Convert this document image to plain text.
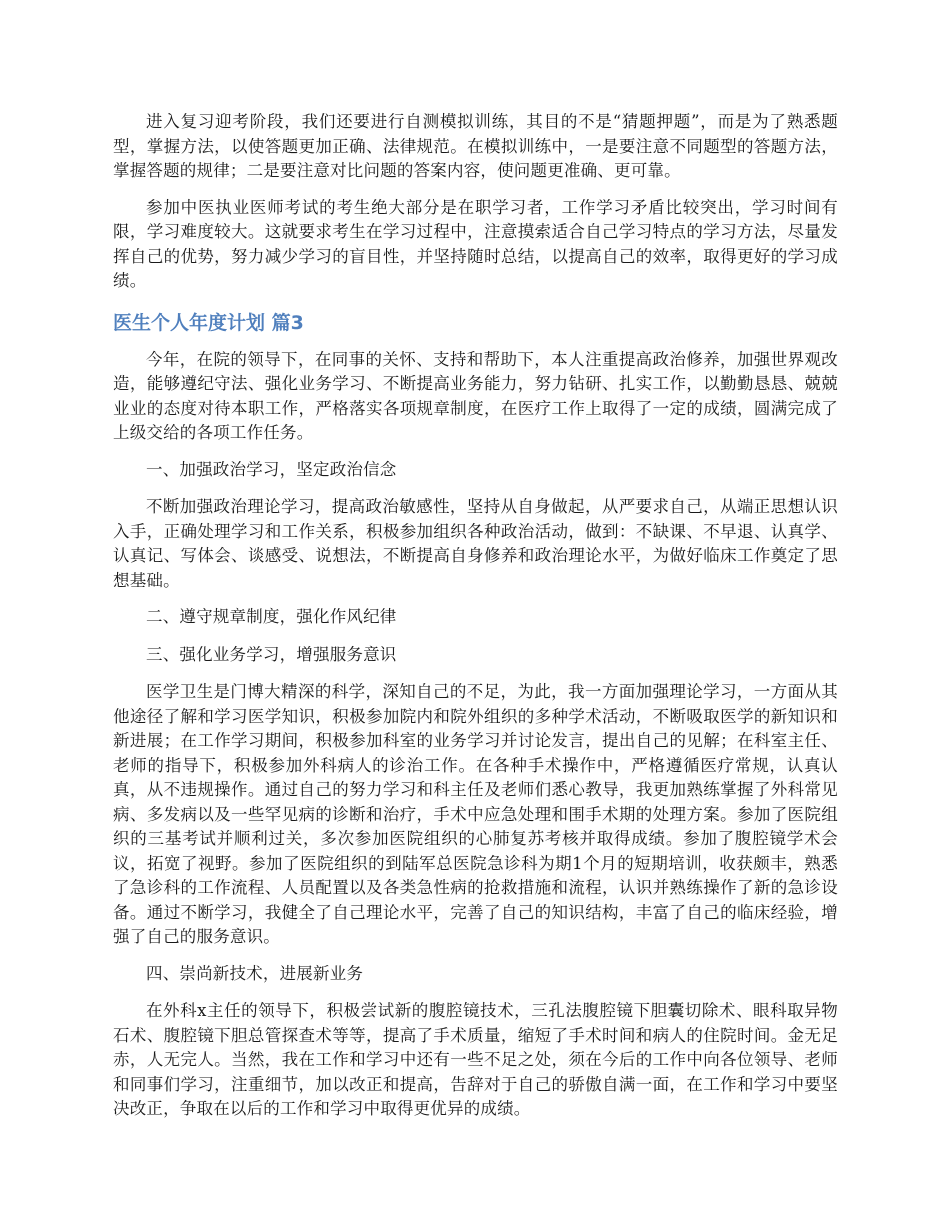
进入复习迎考阶段，我们还要进行自测模拟训练，其目的不是“猜题押题”，而是为了熟悉题型，掌握方法，以使答题更加正确、法律规范。在模拟训练中，一是要注意不同题型的答题方法，掌握答题的规律；二是要注意对比问题的答案内容，使问题更准确、更可靠。

参加中医执业医师考试的考生绝大部分是在职学习者，工作学习矛盾比较突出，学习时间有限，学习难度较大。这就要求考生在学习过程中，注意摸索适合自己学习特点的学习方法，尽量发挥自己的优势，努力减少学习的盲目性，并坚持随时总结，以提高自己的效率，取得更好的学习成绩。

医生个人年度计划 篇3

今年，在院的领导下，在同事的关怀、支持和帮助下，本人注重提高政治修养，加强世界观改造，能够遵纪守法、强化业务学习、不断提高业务能力，努力钻研、扎实工作，以勤勤恳恳、兢兢业业的态度对待本职工作，严格落实各项规章制度，在医疗工作上取得了一定的成绩，圆满完成了上级交给的各项工作任务。

一、加强政治学习，坚定政治信念

不断加强政治理论学习，提高政治敏感性，坚持从自身做起，从严要求自己，从端正思想认识入手，正确处理学习和工作关系，积极参加组织各种政治活动，做到：不缺课、不早退、认真学、认真记、写体会、谈感受、说想法，不断提高自身修养和政治理论水平，为做好临床工作奠定了思想基础。

二、遵守规章制度，强化作风纪律

三、强化业务学习，增强服务意识

医学卫生是门博大精深的科学，深知自己的不足，为此，我一方面加强理论学习，一方面从其他途径了解和学习医学知识，积极参加院内和院外组织的多种学术活动，不断吸取医学的新知识和新进展；在工作学习期间，积极参加科室的业务学习并讨论发言，提出自己的见解；在科室主任、老师的指导下，积极参加外科病人的诊治工作。在各种手术操作中，严格遵循医疗常规，认真认真，从不违规操作。通过自己的努力学习和科主任及老师们悉心教导，我更加熟练掌握了外科常见病、多发病以及一些罕见病的诊断和治疗，手术中应急处理和围手术期的处理方案。参加了医院组织的三基考试并顺利过关，多次参加医院组织的心肺复苏考核并取得成绩。参加了腹腔镜学术会议，拓宽了视野。参加了医院组织的到陆军总医院急诊科为期1个月的短期培训，收获颇丰，熟悉了急诊科的工作流程、人员配置以及各类急性病的抢救措施和流程，认识并熟练操作了新的急诊设备。通过不断学习，我健全了自己理论水平，完善了自己的知识结构，丰富了自己的临床经验，增强了自己的服务意识。

四、崇尚新技术，进展新业务

在外科x主任的领导下，积极尝试新的腹腔镜技术，三孔法腹腔镜下胆囊切除术、眼科取异物石术、腹腔镜下胆总管探查术等等，提高了手术质量，缩短了手术时间和病人的住院时间。金无足赤，人无完人。当然，我在工作和学习中还有一些不足之处，须在今后的工作中向各位领导、老师和同事们学习，注重细节，加以改正和提高，告辞对于自己的骄傲自满一面，在工作和学习中要坚决改正，争取在以后的工作和学习中取得更优异的成绩。
